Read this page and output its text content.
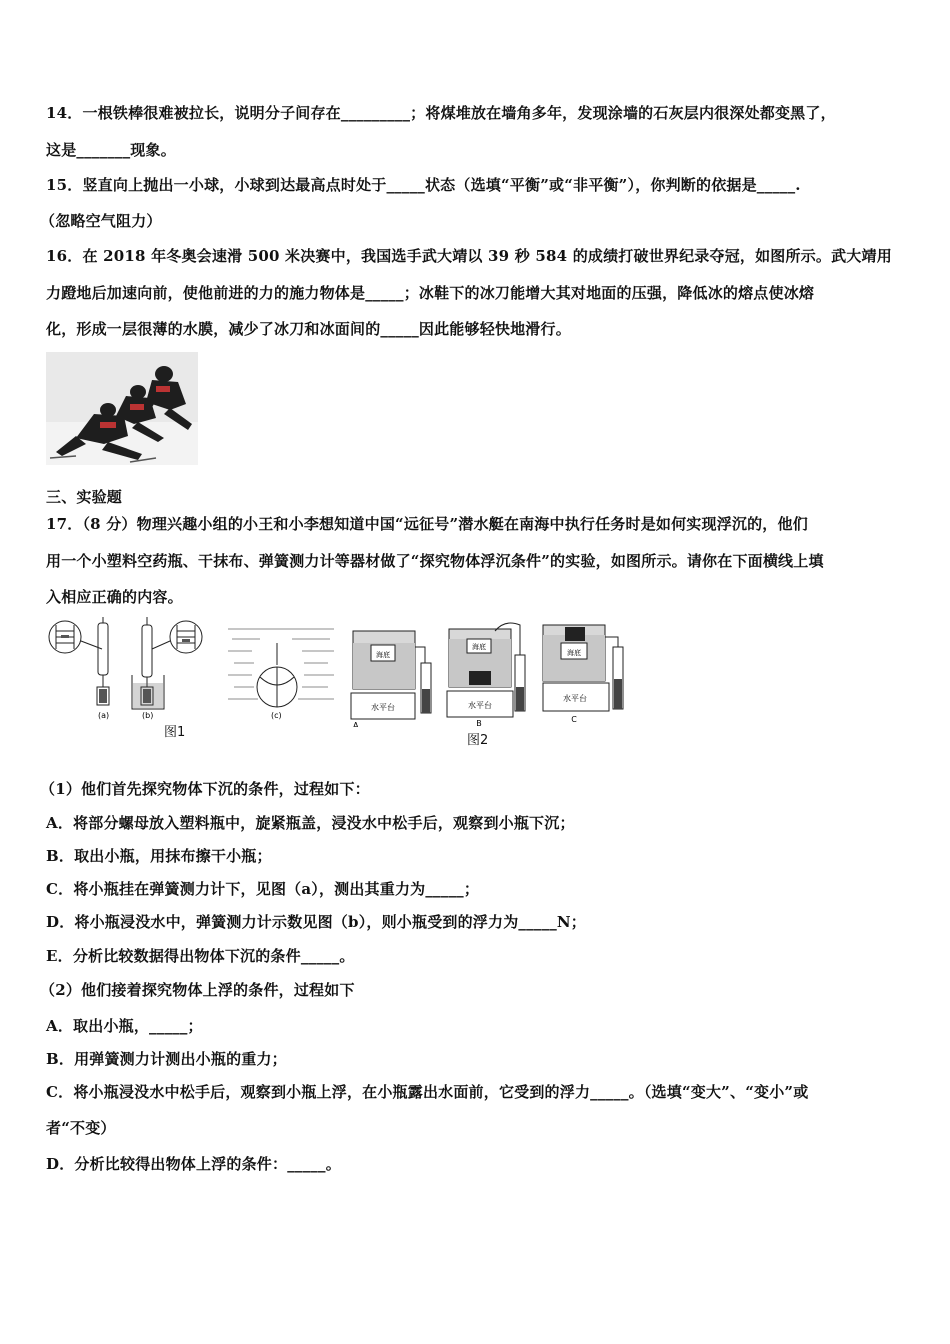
14．一根铁棒很难被拉长，说明分子间存在_________；将煤堆放在墙角多年，发现涂墙的石灰层内很深处都变黑了，
这是_______现象。
15．竖直向上抛出一小球，小球到达最高点时处于_____状态（选填“平衡”或“非平衡”），你判断的依据是_____.
（忽略空气阻力）
16．在 2018 年冬奥会速滑 500 米决赛中，我国选手武大靖以 39 秒 584 的成绩打破世界纪录夺冠，如图所示。武大靖用
力蹬地后加速向前，使他前进的力的施力物体是_____；冰鞋下的冰刀能增大其对地面的压强，降低冰的熔点使冰熔
化，形成一层很薄的水膜，减少了冰刀和冰面间的_____因此能够轻快地滑行。
三、实验题
17．（8 分）物理兴趣小组的小王和小李想知道中国“远征号”潜水艇在南海中执行任务时是如何实现浮沉的，他们
用一个小塑料空药瓶、干抹布、弹簧测力计等器材做了“探究物体浮沉条件”的实验，如图所示。请你在下面横线上填
入相应正确的内容。
(a)	(b)	(c)
图1
海底
水平台
A
海底
水平台
B
海底
水平台
C
图2
（1）他们首先探究物体下沉的条件，过程如下：
A．将部分螺母放入塑料瓶中，旋紧瓶盖，浸没水中松手后，观察到小瓶下沉；
B．取出小瓶，用抹布擦干小瓶；
C．将小瓶挂在弹簧测力计下，见图（a），测出其重力为_____；
D．将小瓶浸没水中，弹簧测力计示数见图（b），则小瓶受到的浮力为_____N；
E．分析比较数据得出物体下沉的条件_____。
（2）他们接着探究物体上浮的条件，过程如下
A．取出小瓶，_____；
B．用弹簧测力计测出小瓶的重力；
C．将小瓶浸没水中松手后，观察到小瓶上浮，在小瓶露出水面前，它受到的浮力_____。（选填“变大”、“变小”或
者“不变）
D．分析比较得出物体上浮的条件：_____。
